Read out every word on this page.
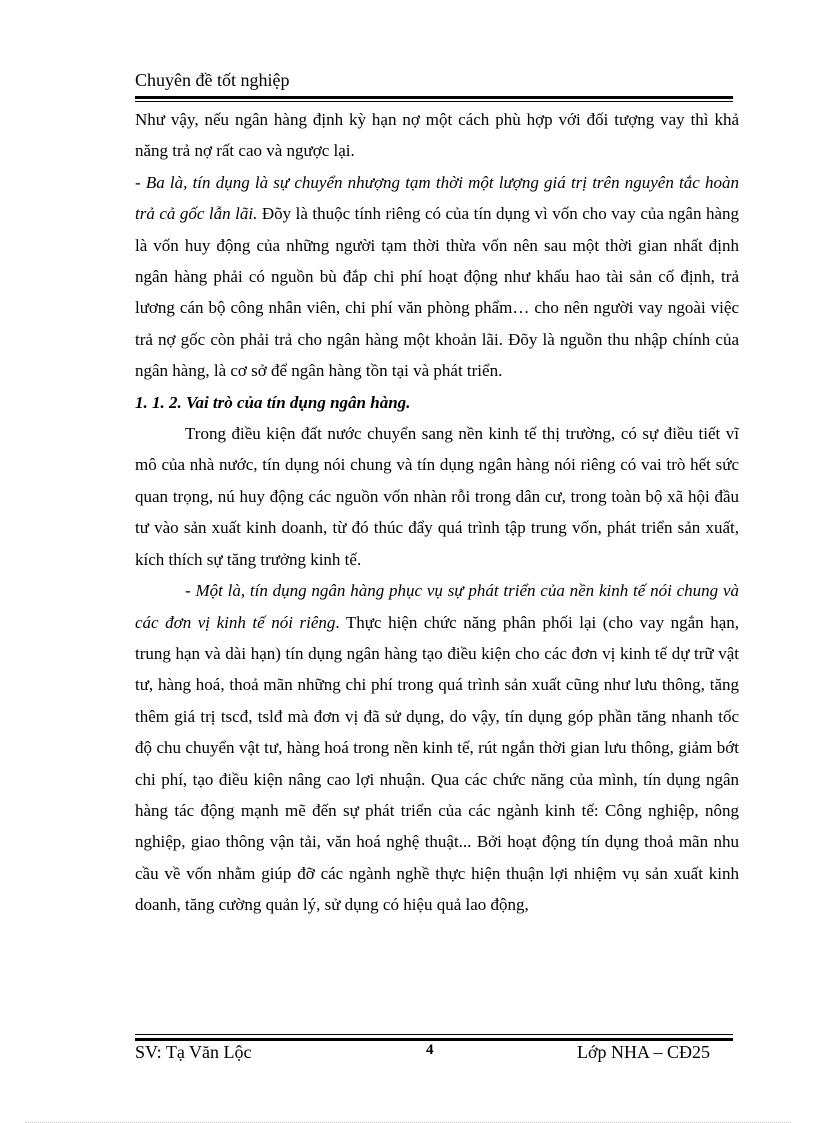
Chuyên đề tốt nghiệp

Như vậy, nếu ngân hàng định kỳ hạn nợ một cách phù hợp với đối tượng vay thì khả năng trả nợ rất cao và ngược lại.

- Ba là, tín dụng là sự chuyển nhượng tạm thời một lượng giá trị trên nguyên tắc hoàn trả cả gốc lẫn lãi. Đõy là thuộc tính riêng có của tín dụng vì vốn cho vay của ngân hàng là vốn huy động của những người tạm thời thừa vốn nên sau một thời gian nhất định ngân hàng phải có nguồn bù đắp chi phí hoạt động như khấu hao tài sản cố định, trả lương cán bộ công nhân viên, chi phí văn phòng phẩm… cho nên người vay ngoài việc trả nợ gốc còn phải trả cho ngân hàng một khoản lãi. Đõy là nguồn thu nhập chính của ngân hàng, là cơ sở để ngân hàng tồn tại và phát triển.

1. 1. 2. Vai trò của tín dụng ngân hàng.

Trong điều kiện đất nước chuyển sang nền kinh tế thị trường, có sự điều tiết vĩ mô của nhà nước, tín dụng nói chung và tín dụng ngân hàng nói riêng có vai trò hết sức quan trọng, nú huy động các nguồn vốn nhàn rỗi trong dân cư, trong toàn bộ xã hội đầu tư vào sản xuất kinh doanh, từ đó thúc đẩy quá trình tập trung vốn, phát triển sản xuất, kích thích sự tăng trưởng kinh tế.

- Một là, tín dụng ngân hàng phục vụ sự phát triển của nền kinh tế nói chung và các đơn vị kinh tế nói riêng. Thực hiện chức năng phân phối lại (cho vay ngắn hạn, trung hạn và dài hạn) tín dụng ngân hàng tạo điều kiện cho các đơn vị kinh tế dự trữ vật tư, hàng hoá, thoả mãn những chi phí trong quá trình sản xuất cũng như lưu thông, tăng thêm giá trị tscđ, tslđ mà đơn vị đã sử dụng, do vậy, tín dụng góp phần tăng nhanh tốc độ chu chuyển vật tư, hàng hoá trong nền kinh tế, rút ngắn thời gian lưu thông, giảm bớt chi phí, tạo điều kiện nâng cao lợi nhuận. Qua các chức năng của mình, tín dụng ngân hàng tác động mạnh mẽ đến sự phát triển của các ngành kinh tế: Công nghiệp, nông nghiệp, giao thông vận tải, văn hoá nghệ thuật... Bởi hoạt động tín dụng thoả mãn nhu cầu về vốn nhằm giúp đỡ các ngành nghề thực hiện thuận lợi nhiệm vụ sản xuất kinh doanh, tăng cường quản lý, sử dụng có hiệu quả lao động,

SV: Tạ Văn Lộc	4	Lớp NHA – CĐ25
